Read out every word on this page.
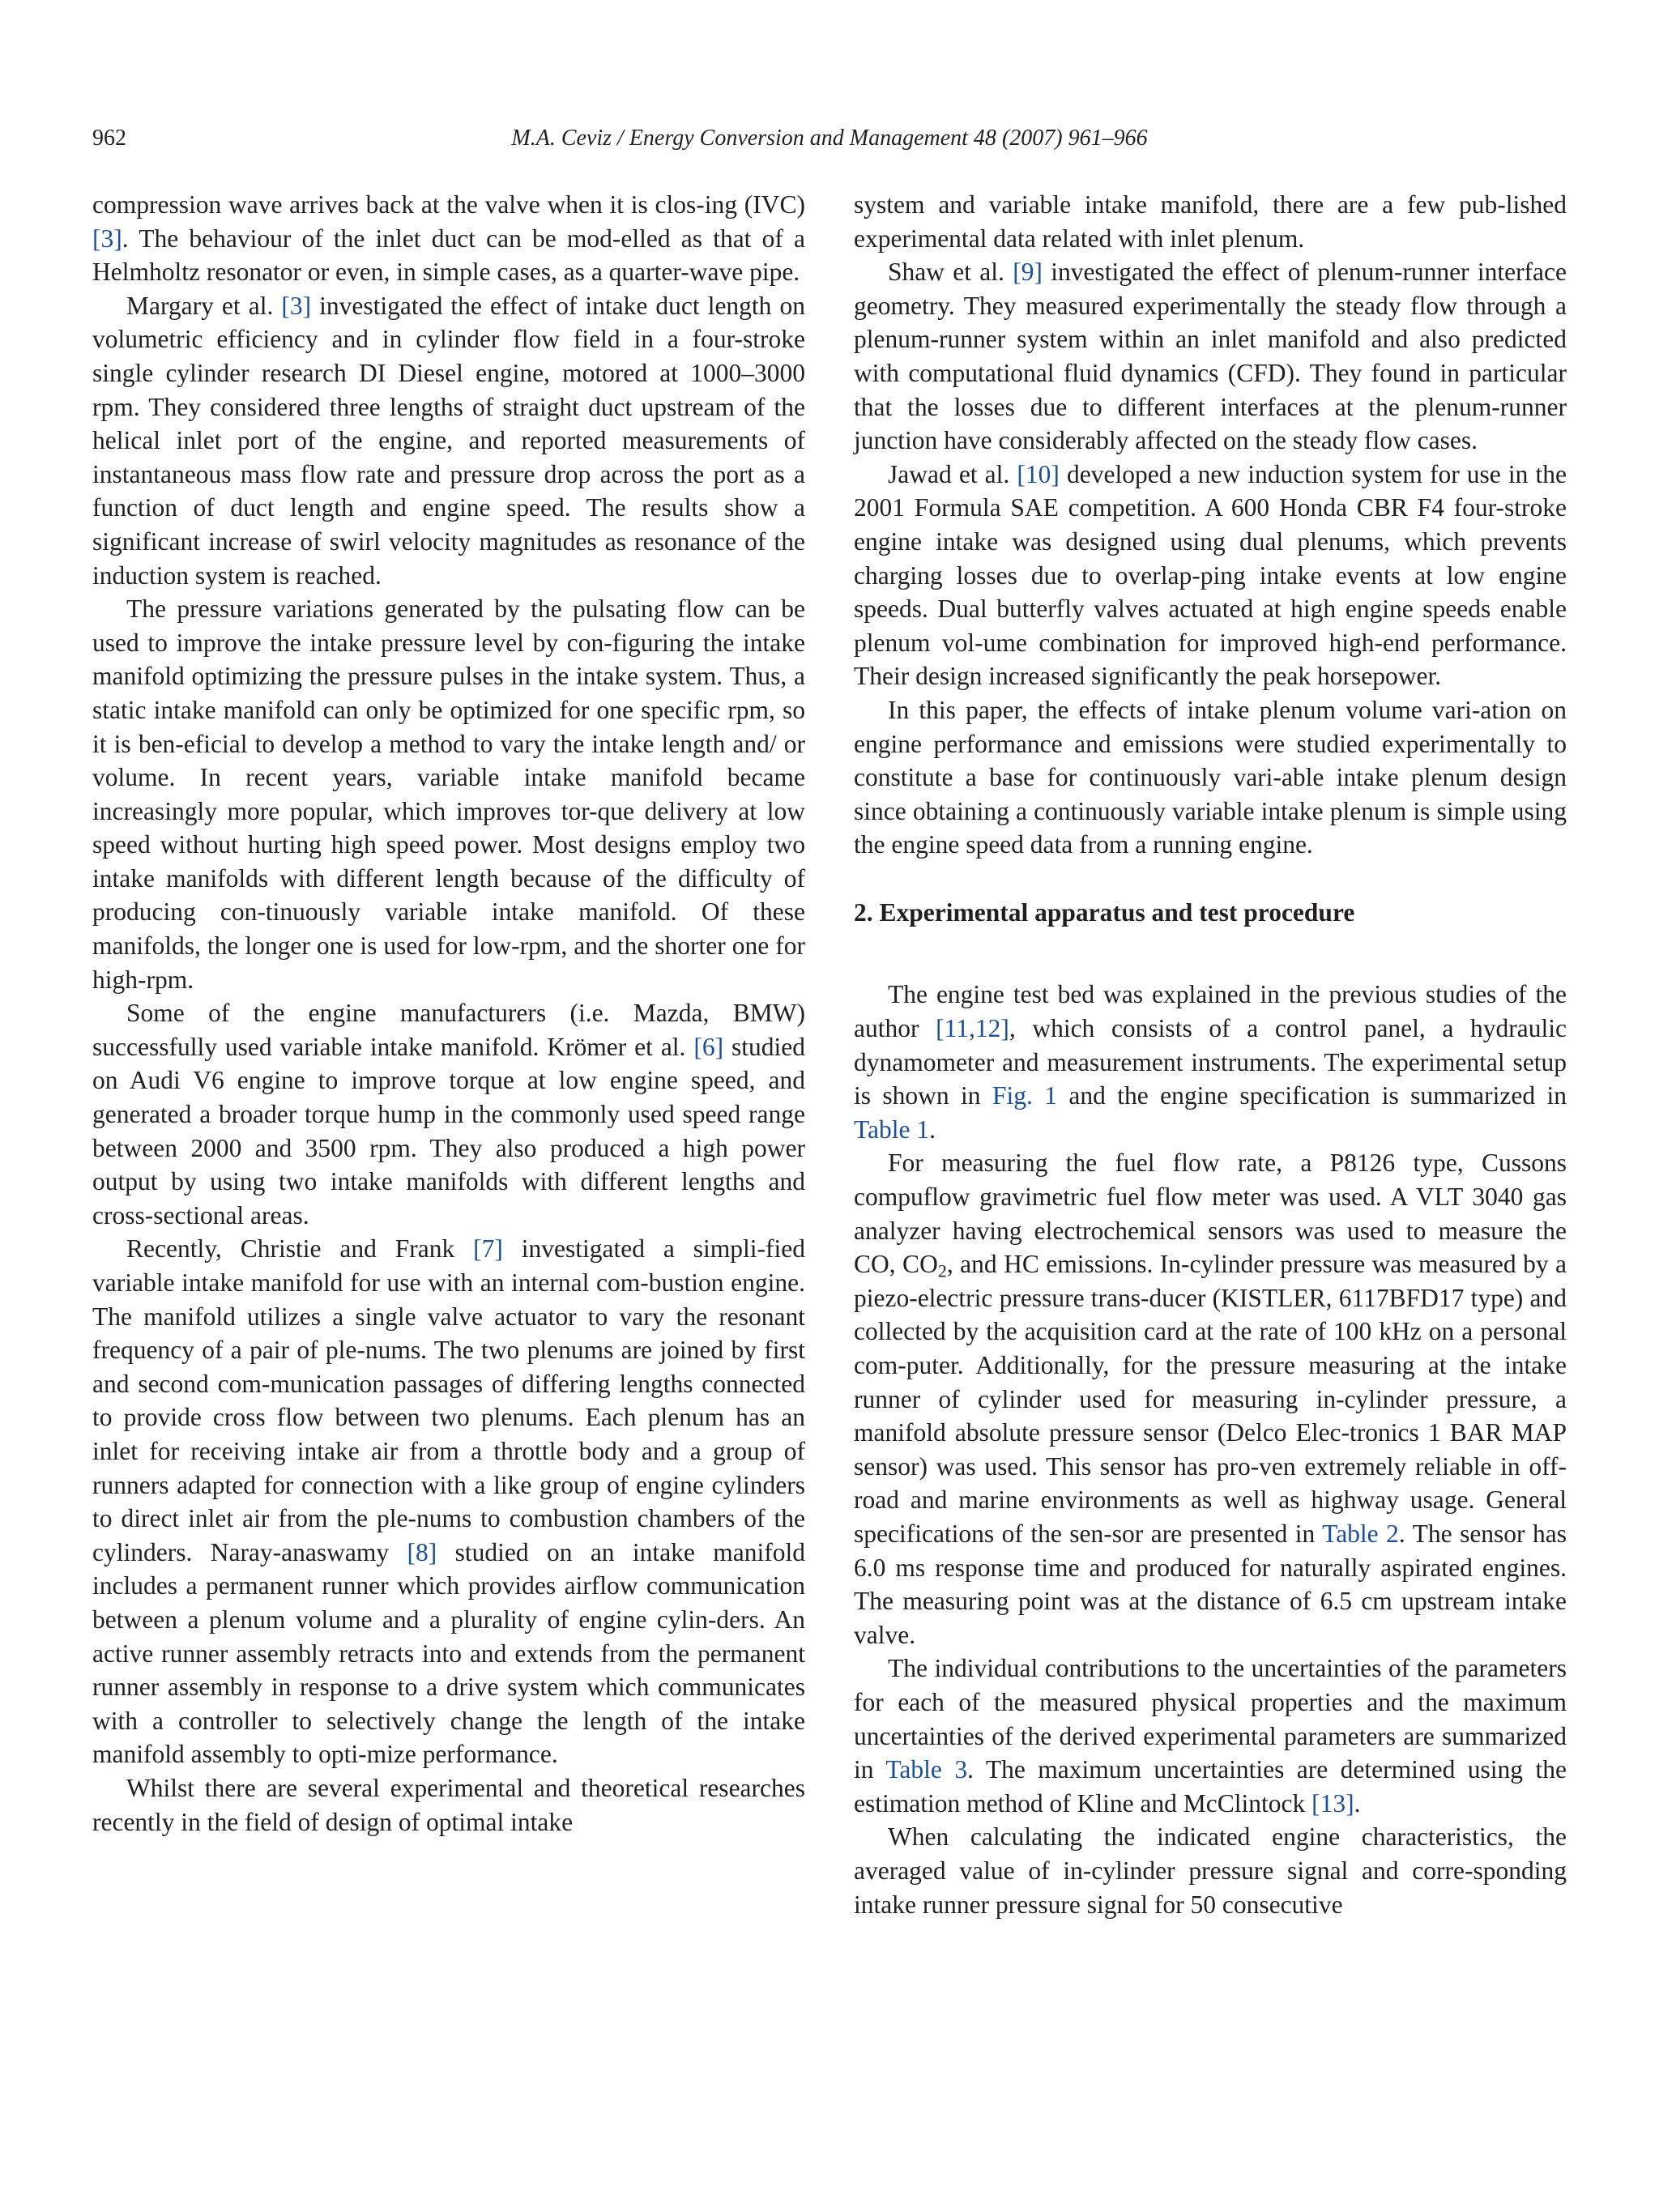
962	M.A. Ceviz / Energy Conversion and Management 48 (2007) 961–966

compression wave arrives back at the valve when it is clos-ing (IVC) [3]. The behaviour of the inlet duct can be mod-elled as that of a Helmholtz resonator or even, in simple cases, as a quarter-wave pipe.

Margary et al. [3] investigated the effect of intake duct length on volumetric efficiency and in cylinder flow field in a four-stroke single cylinder research DI Diesel engine, motored at 1000–3000 rpm. They considered three lengths of straight duct upstream of the helical inlet port of the engine, and reported measurements of instantaneous mass flow rate and pressure drop across the port as a function of duct length and engine speed. The results show a significant increase of swirl velocity magnitudes as resonance of the induction system is reached.

The pressure variations generated by the pulsating flow can be used to improve the intake pressure level by con-figuring the intake manifold optimizing the pressure pulses in the intake system. Thus, a static intake manifold can only be optimized for one specific rpm, so it is ben-eficial to develop a method to vary the intake length and/ or volume. In recent years, variable intake manifold became increasingly more popular, which improves tor-que delivery at low speed without hurting high speed power. Most designs employ two intake manifolds with different length because of the difficulty of producing con-tinuously variable intake manifold. Of these manifolds, the longer one is used for low-rpm, and the shorter one for high-rpm.

Some of the engine manufacturers (i.e. Mazda, BMW) successfully used variable intake manifold. Krömer et al. [6] studied on Audi V6 engine to improve torque at low engine speed, and generated a broader torque hump in the commonly used speed range between 2000 and 3500 rpm. They also produced a high power output by using two intake manifolds with different lengths and cross-sectional areas.

Recently, Christie and Frank [7] investigated a simpli-fied variable intake manifold for use with an internal com-bustion engine. The manifold utilizes a single valve actuator to vary the resonant frequency of a pair of ple-nums. The two plenums are joined by first and second com-munication passages of differing lengths connected to provide cross flow between two plenums. Each plenum has an inlet for receiving intake air from a throttle body and a group of runners adapted for connection with a like group of engine cylinders to direct inlet air from the ple-nums to combustion chambers of the cylinders. Naray-anaswamy [8] studied on an intake manifold includes a permanent runner which provides airflow communication between a plenum volume and a plurality of engine cylin-ders. An active runner assembly retracts into and extends from the permanent runner assembly in response to a drive system which communicates with a controller to selectively change the length of the intake manifold assembly to opti-mize performance.

Whilst there are several experimental and theoretical researches recently in the field of design of optimal intake

system and variable intake manifold, there are a few pub-lished experimental data related with inlet plenum.

Shaw et al. [9] investigated the effect of plenum-runner interface geometry. They measured experimentally the steady flow through a plenum-runner system within an inlet manifold and also predicted with computational fluid dynamics (CFD). They found in particular that the losses due to different interfaces at the plenum-runner junction have considerably affected on the steady flow cases.

Jawad et al. [10] developed a new induction system for use in the 2001 Formula SAE competition. A 600 Honda CBR F4 four-stroke engine intake was designed using dual plenums, which prevents charging losses due to overlap-ping intake events at low engine speeds. Dual butterfly valves actuated at high engine speeds enable plenum vol-ume combination for improved high-end performance. Their design increased significantly the peak horsepower.

In this paper, the effects of intake plenum volume vari-ation on engine performance and emissions were studied experimentally to constitute a base for continuously vari-able intake plenum design since obtaining a continuously variable intake plenum is simple using the engine speed data from a running engine.

2. Experimental apparatus and test procedure

The engine test bed was explained in the previous studies of the author [11,12], which consists of a control panel, a hydraulic dynamometer and measurement instruments. The experimental setup is shown in Fig. 1 and the engine specification is summarized in Table 1.

For measuring the fuel flow rate, a P8126 type, Cussons compuflow gravimetric fuel flow meter was used. A VLT 3040 gas analyzer having electrochemical sensors was used to measure the CO, $CO_2$, and HC emissions. In-cylinder pressure was measured by a piezo-electric pressure trans-ducer (KISTLER, 6117BFD17 type) and collected by the acquisition card at the rate of 100 kHz on a personal com-puter. Additionally, for the pressure measuring at the intake runner of cylinder used for measuring in-cylinder pressure, a manifold absolute pressure sensor (Delco Elec-tronics 1 BAR MAP sensor) was used. This sensor has pro-ven extremely reliable in off-road and marine environments as well as highway usage. General specifications of the sen-sor are presented in Table 2. The sensor has 6.0 ms response time and produced for naturally aspirated engines. The measuring point was at the distance of 6.5 cm upstream intake valve.

The individual contributions to the uncertainties of the parameters for each of the measured physical properties and the maximum uncertainties of the derived experimental parameters are summarized in Table 3. The maximum uncertainties are determined using the estimation method of Kline and McClintock [13].

When calculating the indicated engine characteristics, the averaged value of in-cylinder pressure signal and corre-sponding intake runner pressure signal for 50 consecutive
